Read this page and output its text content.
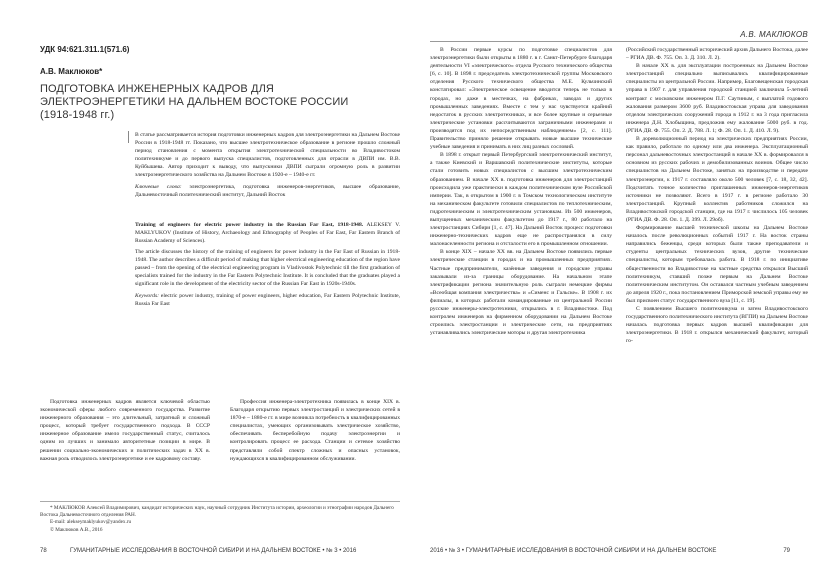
УДК 94:621.311.1(571.6)
А.В. Маклюков*
ПОДГОТОВКА ИНЖЕНЕРНЫХ КАДРОВ ДЛЯ ЭЛЕКТРОЭНЕРГЕТИКИ НА ДАЛЬНЕМ ВОСТОКЕ РОССИИ (1918-1948 гг.)

В статье рассматривается история подготовки инженерных кадров для электроэнергетики на Дальнем Востоке России в 1918-1948 гг. Показано, что высшее электротехническое образование в регионе прошло сложный период становления с момента открытия электротехнической специальности во Владивостоком политехникуме и до первого выпуска специалистов, подготовленных для отрасли в ДВПИ им. В.В. Куйбышева. Автор приходит к выводу, что выпускники ДВПИ сыграли огромную роль в развитии электроэнергетического хозяйства на Дальнем Востоке в 1920-е – 1940-е гг.

Ключевые слова: электроэнергетика, подготовка инженеров-энергетиков, высшее образование, Дальневосточный политехнический институт, Дальний Восток

Training of engineers for electric power industry in the Russian Far East, 1918-1948. ALEKSEY V. MAKLYUKOV (Institute of History, Archaeology and Ethnography of Peoples of Far East, Far Eastern Branch of Russian Academy of Sciences).

The article discusses the history of the training of engineers for power industry in the Far East of Russian in 1918-1948. The author describes a difficult period of making that higher electrical engineering education of the region have passed – from the opening of the electrical engineering program in Vladivostok Polytechnic till the first graduation of specialists trained for the industry in the Far Eastern Polytechnic Institute. It is concluded that the graduates played a significant role in the development of the electricity sector of the Russian Far East in 1920s-1940s.

Keywords: electric power industry, training of power engineers, higher education, Far Eastern Polytechnic Institute, Russia Far East

Подготовка инженерных кадров является ключевой областью экономической сферы любого современного государства. Развитие инженерного образования – это длительный, затратный и сложный процесс, который требует государственного подхода. В СССР инженерное образование имело государственный статус, считалось одним из лучших и занимало авторитетные позиции в мире. В решении социально-экономических и политических задач в XX в. важная роль отводилось электроэнергетике и ее кадровому составу.

Профессия инженера-электротехника появилась в конце XIX в. Благодаря открытию первых электростанций и электрических сетей в 1870-е – 1880-е гг. в мире возникла потребность в квалифицированных специалистах, умеющих организовывать электрическое хозяйство, обеспечивать бесперебойную подачу электроэнергии и контролировать процесс ее расхода. Станции и сетевое хозяйство представляли собой спектр сложных и опасных установок, нуждающихся в квалифицированном обслуживании.

* МАКЛЮКОВ Алексей Владимирович, кандидат исторических наук, научный сотрудник Института истории, археологии и этнографии народов Дальнего Востока Дальневосточного отделения РАН.

E-mail: alekseymaklyukov@yandex.ru

© Маклюков А.В., 2016

78	ГУМАНИТАРНЫЕ ИССЛЕДОВАНИЯ В ВОСТОЧНОЙ СИБИРИ И НА ДАЛЬНЕМ ВОСТОКЕ • № 3 • 2016
А.В. МАКЛЮКОВ

В России первые курсы по подготовке специалистов для электроэнергетики были открыты в 1880 г. в г. Санкт-Петербурге благодаря деятельности VI «электрического» отдела Русского технического общества [6, с. 10]. В 1898 г. председатель электротехнической группы Московского отделения Русского технического общества М.Е. Кульчинский констатировал: «Электрическое освещение вводится теперь не только в городах, но даже в местечках, на фабриках, заводах и других промышленных заведениях. Вместе с тем у нас чувствуется крайний недостаток в русских электротехниках, и все более крупные и серьезные электрические установки рассчитываются заграничными инженерами и производятся под их непосредственным наблюдением» [2, с. 111]. Правительство приняло решение открывать новые высшие технические учебные заведения и принимать в них лиц разных сословий.

В 1898 г. открыт первый Петербургский электротехнический институт, а также Киевский и Варшавский политехнические институты, которые стали готовить новых специалистов с высшим электротехническим образованием. В начале XX в. подготовка инженеров для электростанций происходила уже практически в каждом политехническом вузе Российской империи. Так, в открытом в 1900 г. в Томском технологическом институте на механическом факультете готовили специалистов по теплотехническим, гидротехническим и электротехническим установкам. Из 500 инженеров, выпущенных механическим факультетом до 1917 г., 80 работало на электростанциях Сибири [1, с. 47]. На Дальний Восток процесс подготовки инженерно-технических кадров еще не распространялся в силу малонаселенности региона и отсталости его в промышленном отношении.

В конце XIX – начале XX вв. на Дальнем Востоке появились первые электрические станции в городах и на промышленных предприятиях. Частные предприниматели, казённые заведения и городские управы заказывали из-за границы оборудование. На начальном этапе электрификации региона значительную роль сыграли немецкие фирмы «Всеобщая компания электричества» и «Сименс и Гальске». В 1908 г. их филиалы, в которых работали командированные из центральной России русские инженеры-электротехники, открылись в г. Владивостоке. Под контролем инженеров на фирменном оборудовании на Дальнем Востоке строились электростанции и электрические сети, на предприятиях устанавливались электрические моторы и другая электротехника

(Российский государственный исторический архив Дальнего Востока, далее – РГИА ДВ. Ф. 755. Оп. 3. Д. 310. Л. 2).

В начале XX в. для эксплуатации построенных на Дальнем Востоке электростанций специально выписывались квалифицированные специалисты из центральной России. Например, Благовещенская городская управа в 1907 г. для управления городской станцией заключила 5-летний контракт с московским инженером П.Г. Саутиным, с выплатой годового жалования размером 3600 руб. Владивостокская управа для заведования отделом электрических сооружений города в 1912 г. на 3 года пригласила инженера Д.Н. Хлобыщина, предложив ему жалование 5000 руб. в год. (РГИА ДВ. Ф. 755. Оп. 2. Д. 788. Л. 1; Ф. 28. Оп. 1. Д. 410. Л. 9).

В дореволюционный период на электрических предприятиях России, как правило, работало по одному или два инженера. Эксплуатационный персонал дальневосточных электростанций в начале XX в. формировался в основном из русских рабочих и демобилизованных воинов. Общее число специалистов на Дальнем Востоке, занятых на производстве и передаче электроэнергии, к 1917 г. составляло около 500 человек [7, с. 18, 32, 42]. Подсчитать точное количество приглашенных инженеров-энергетиков источники не позволяют. Всего в 1917 г. в регионе работало 30 электростанций. Крупный коллектив работников сложился на Владивостокской городской станции, где на 1917 г. числилось 105 человек (РГИА ДВ. Ф. 28. Оп. 1. Д. 399. Л. 29об).

Формирование высшей технической школы на Дальнем Востоке началось после революционных событий 1917 г. На восток страны направились беженцы, среди которых были также преподаватели и студенты центральных технических вузов, другие технические специалисты, которым требовалась работа. В 1918 г. по инициативе общественности во Владивостоке на частные средства открылся Высший политехникум, ставший позже первым на Дальнем Востоке политехническим институтом. Он оставался частным учебным заведением до апреля 1920 г., пока постановлением Приморской земской управы ему не был присвоен статус государственного вуза [11, с. 19].

С появлением Высшего политехникума и затем Владивостокского государственного политехнического института (ВГПИ) на Дальнем Востоке началась подготовка первых кадров высшей квалификации для электроэнергетики. В 1918 г. открылся механический факультет, который го-

2016 • № 3 • ГУМАНИТАРНЫЕ ИССЛЕДОВАНИЯ В ВОСТОЧНОЙ СИБИРИ И НА ДАЛЬНЕМ ВОСТОКЕ	79
